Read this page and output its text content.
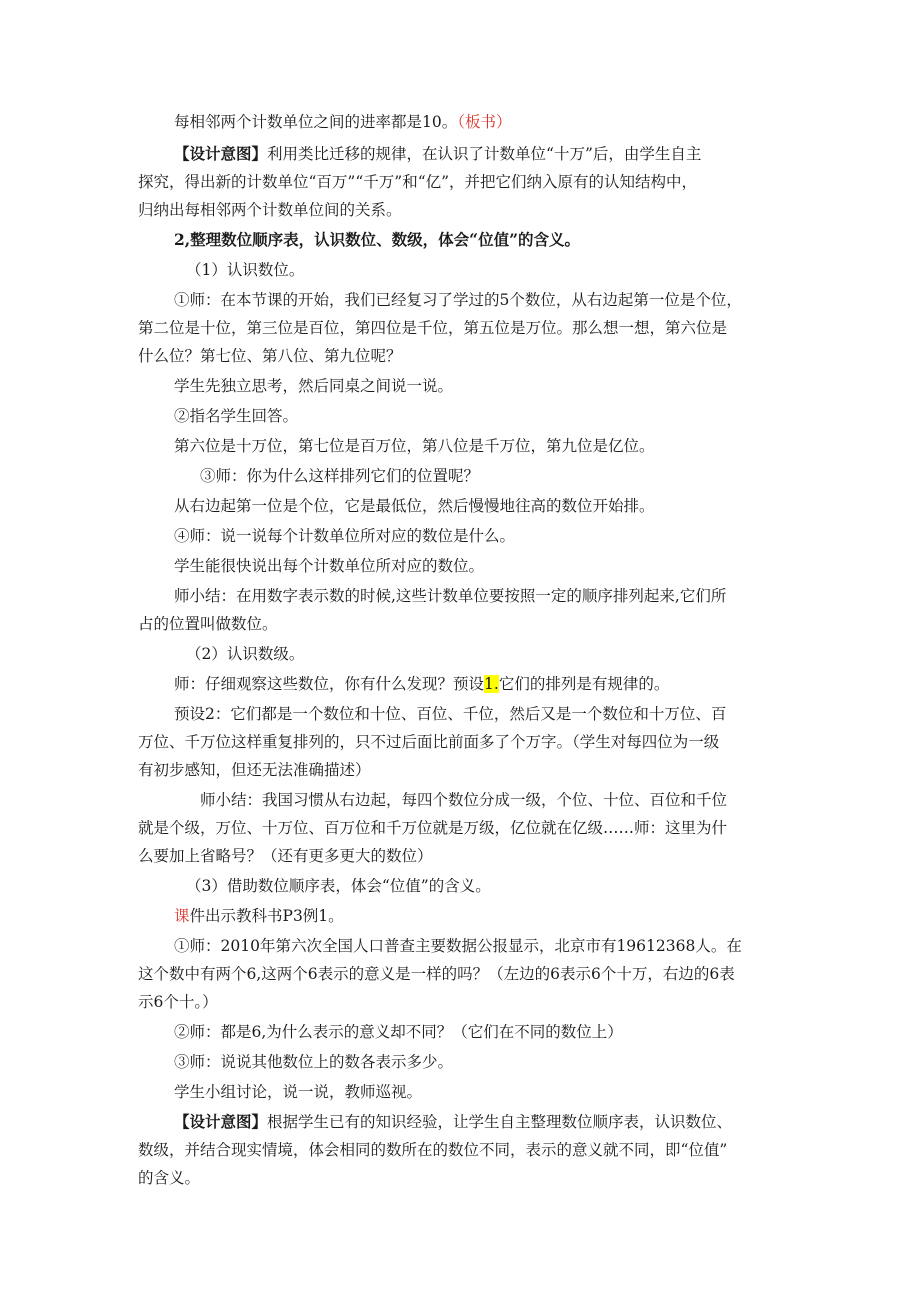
每相邻两个计数单位之间的进率都是10。（板书）
【设计意图】利用类比迁移的规律，在认识了计数单位“十万”后，由学生自主
探究，得出新的计数单位“百万”“千万”和“亿”，并把它们纳入原有的认知结构中，
归纳出每相邻两个计数单位间的关系。
2,整理数位顺序表，认识数位、数级，体会“位值”的含义。
（1）认识数位。
①师：在本节课的开始，我们已经复习了学过的5个数位，从右边起第一位是个位，
第二位是十位，第三位是百位，第四位是千位，第五位是万位。那么想一想，第六位是
什么位？第七位、第八位、第九位呢？
学生先独立思考，然后同桌之间说一说。
②指名学生回答。
第六位是十万位，第七位是百万位，第八位是千万位，第九位是亿位。
③师：你为什么这样排列它们的位置呢？
从右边起第一位是个位，它是最低位，然后慢慢地往高的数位开始排。
④师：说一说每个计数单位所对应的数位是什么。
学生能很快说出每个计数单位所对应的数位。
师小结：在用数字表示数的时候,这些计数单位要按照一定的顺序排列起来,它们所
占的位置叫做数位。
（2）认识数级。
师：仔细观察这些数位，你有什么发现？预设1.它们的排列是有规律的。
预设2：它们都是一个数位和十位、百位、千位，然后又是一个数位和十万位、百
万位、千万位这样重复排列的，只不过后面比前面多了个万字。（学生对每四位为一级
有初步感知，但还无法准确描述）
师小结：我国习惯从右边起，每四个数位分成一级，个位、十位、百位和千位
就是个级，万位、十万位、百万位和千万位就是万级，亿位就在亿级……师：这里为什
么要加上省略号？（还有更多更大的数位）
（3）借助数位顺序表，体会“位值”的含义。
课件出示教科书P3例1。
①师：2010年第六次全国人口普查主要数据公报显示，北京市有19612368人。在
这个数中有两个6,这两个6表示的意义是一样的吗？（左边的6表示6个十万，右边的6表
示6个十。）
②师：都是6,为什么表示的意义却不同？（它们在不同的数位上）
③师：说说其他数位上的数各表示多少。
学生小组讨论，说一说，教师巡视。
【设计意图】根据学生已有的知识经验，让学生自主整理数位顺序表，认识数位、
数级，并结合现实情境，体会相同的数所在的数位不同，表示的意义就不同，即“位值”
的含义。
